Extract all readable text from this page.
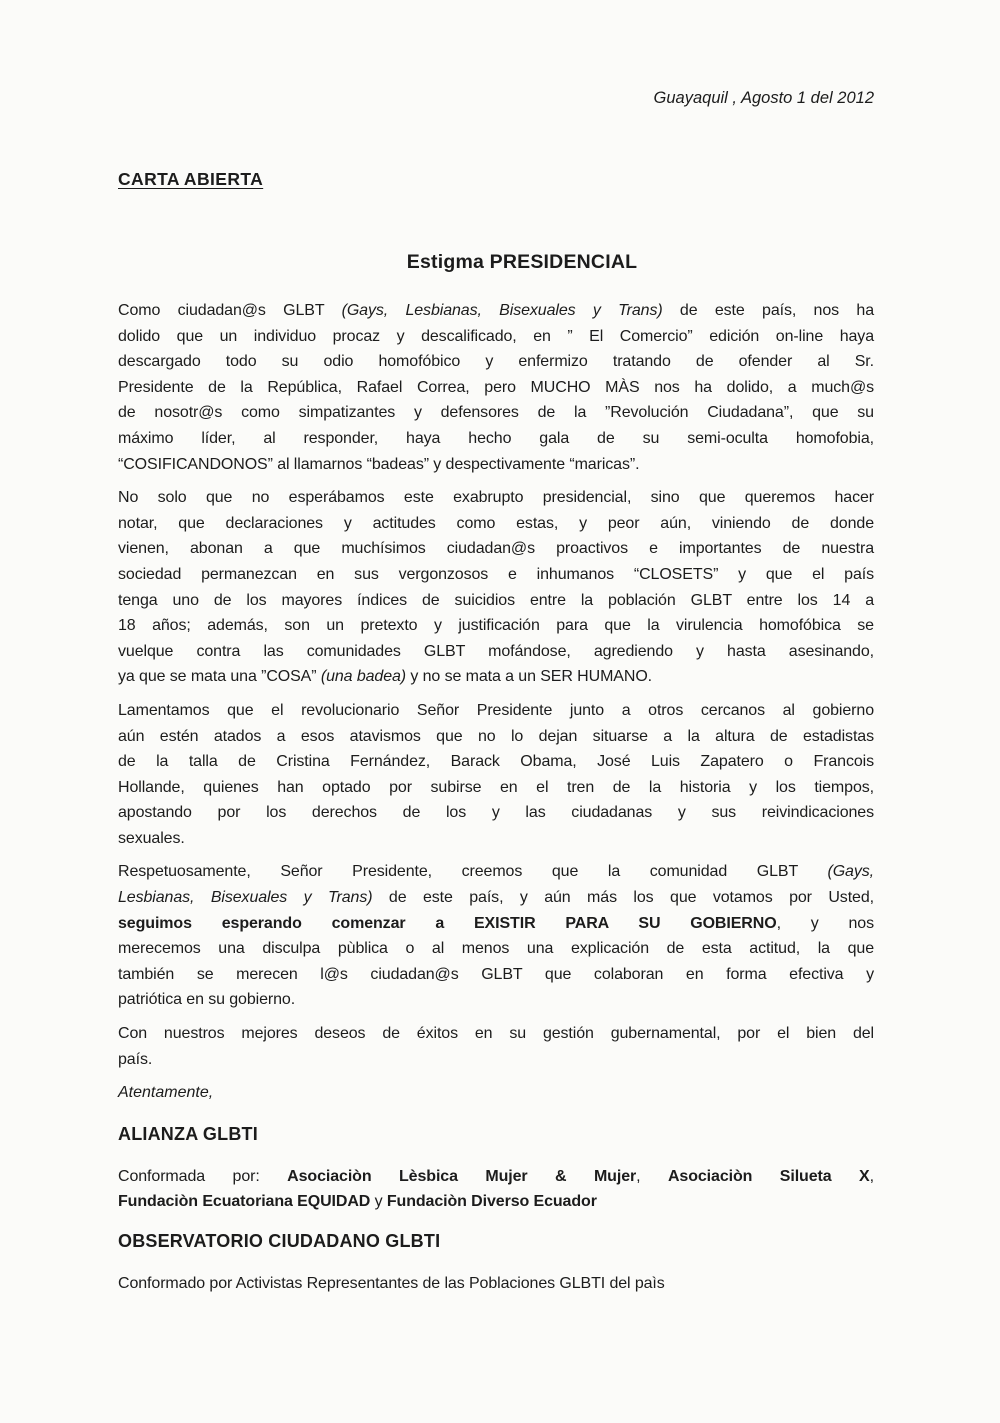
Guayaquil , Agosto 1 del 2012
CARTA ABIERTA
Estigma PRESIDENCIAL
Como ciudadan@s GLBT (Gays, Lesbianas, Bisexuales y Trans) de este país, nos ha
dolido que un individuo procaz y descalificado, en ” El Comercio” edición on-line haya
descargado todo su odio homofóbico y enfermizo tratando de ofender al Sr.
Presidente de la República, Rafael Correa, pero MUCHO MÀS nos ha dolido, a much@s
de nosotr@s como simpatizantes y defensores de la ”Revolución Ciudadana”, que su
máximo líder, al responder, haya hecho gala de su semi-oculta homofobia,
“COSIFICANDONOS” al llamarnos “badeas” y despectivamente “maricas”.
No solo que no esperábamos este exabrupto presidencial, sino que queremos hacer
notar, que declaraciones y actitudes como estas, y peor aún, viniendo de donde
vienen, abonan a que muchísimos ciudadan@s proactivos e importantes de nuestra
sociedad permanezcan en sus vergonzosos e inhumanos “CLOSETS” y que el país
tenga uno de los mayores índices de suicidios entre la población GLBT entre los 14 a
18 años; además, son un pretexto y justificación para que la virulencia homofóbica se
vuelque contra las comunidades GLBT mofándose, agrediendo y hasta asesinando,
ya que se mata una ”COSA” (una badea) y no se mata a un SER HUMANO.
Lamentamos que el revolucionario Señor Presidente junto a otros cercanos al gobierno
aún estén atados a esos atavismos que no lo dejan situarse a la altura de estadistas
de la talla de Cristina Fernández, Barack Obama, José Luis Zapatero o Francois
Hollande, quienes han optado por subirse en el tren de la historia y los tiempos,
apostando por los derechos de los y las ciudadanas y sus reivindicaciones
sexuales.
Respetuosamente, Señor Presidente, creemos que la comunidad GLBT (Gays,
Lesbianas, Bisexuales y Trans) de este país, y aún más los que votamos por Usted,
seguimos esperando comenzar a EXISTIR PARA SU GOBIERNO, y nos
merecemos una disculpa pùblica o al menos una explicación de esta actitud, la que
también se merecen l@s ciudadan@s GLBT que colaboran en forma efectiva y
patriótica en su gobierno.
Con nuestros mejores deseos de éxitos en su gestión gubernamental, por el bien del
país.
Atentamente,
ALIANZA GLBTI
Conformada por: Asociaciòn Lèsbica Mujer & Mujer, Asociaciòn Silueta X,
Fundaciòn Ecuatoriana EQUIDAD y Fundaciòn Diverso Ecuador
OBSERVATORIO CIUDADANO GLBTI
Conformado por Activistas Representantes de las Poblaciones GLBTI del paìs
